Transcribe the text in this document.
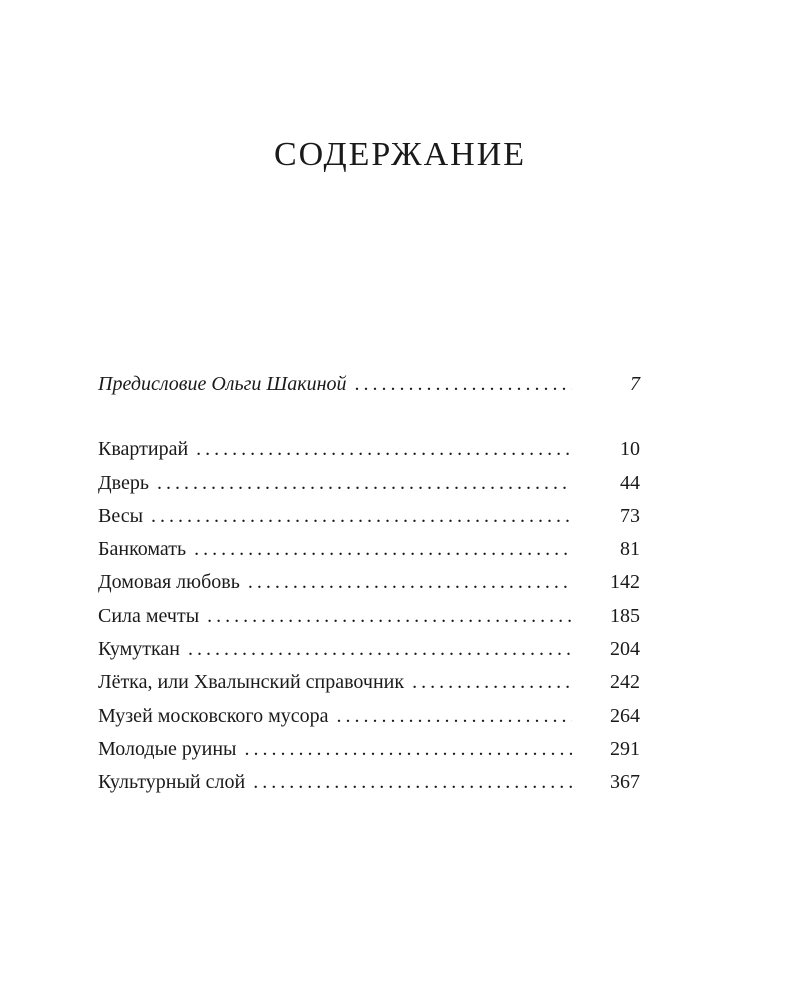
СОДЕРЖАНИЕ
Предисловие Ольги Шакиной . . .	7
Квартирай . . .	10
Дверь . . .	44
Весы . . .	73
Банкомать . . .	81
Домовая любовь . . .	142
Сила мечты . . .	185
Кумуткан . . .	204
Лётка, или Хвалынский справочник . . .	242
Музей московского мусора . . .	264
Молодые руины . . .	291
Культурный слой . . .	367
